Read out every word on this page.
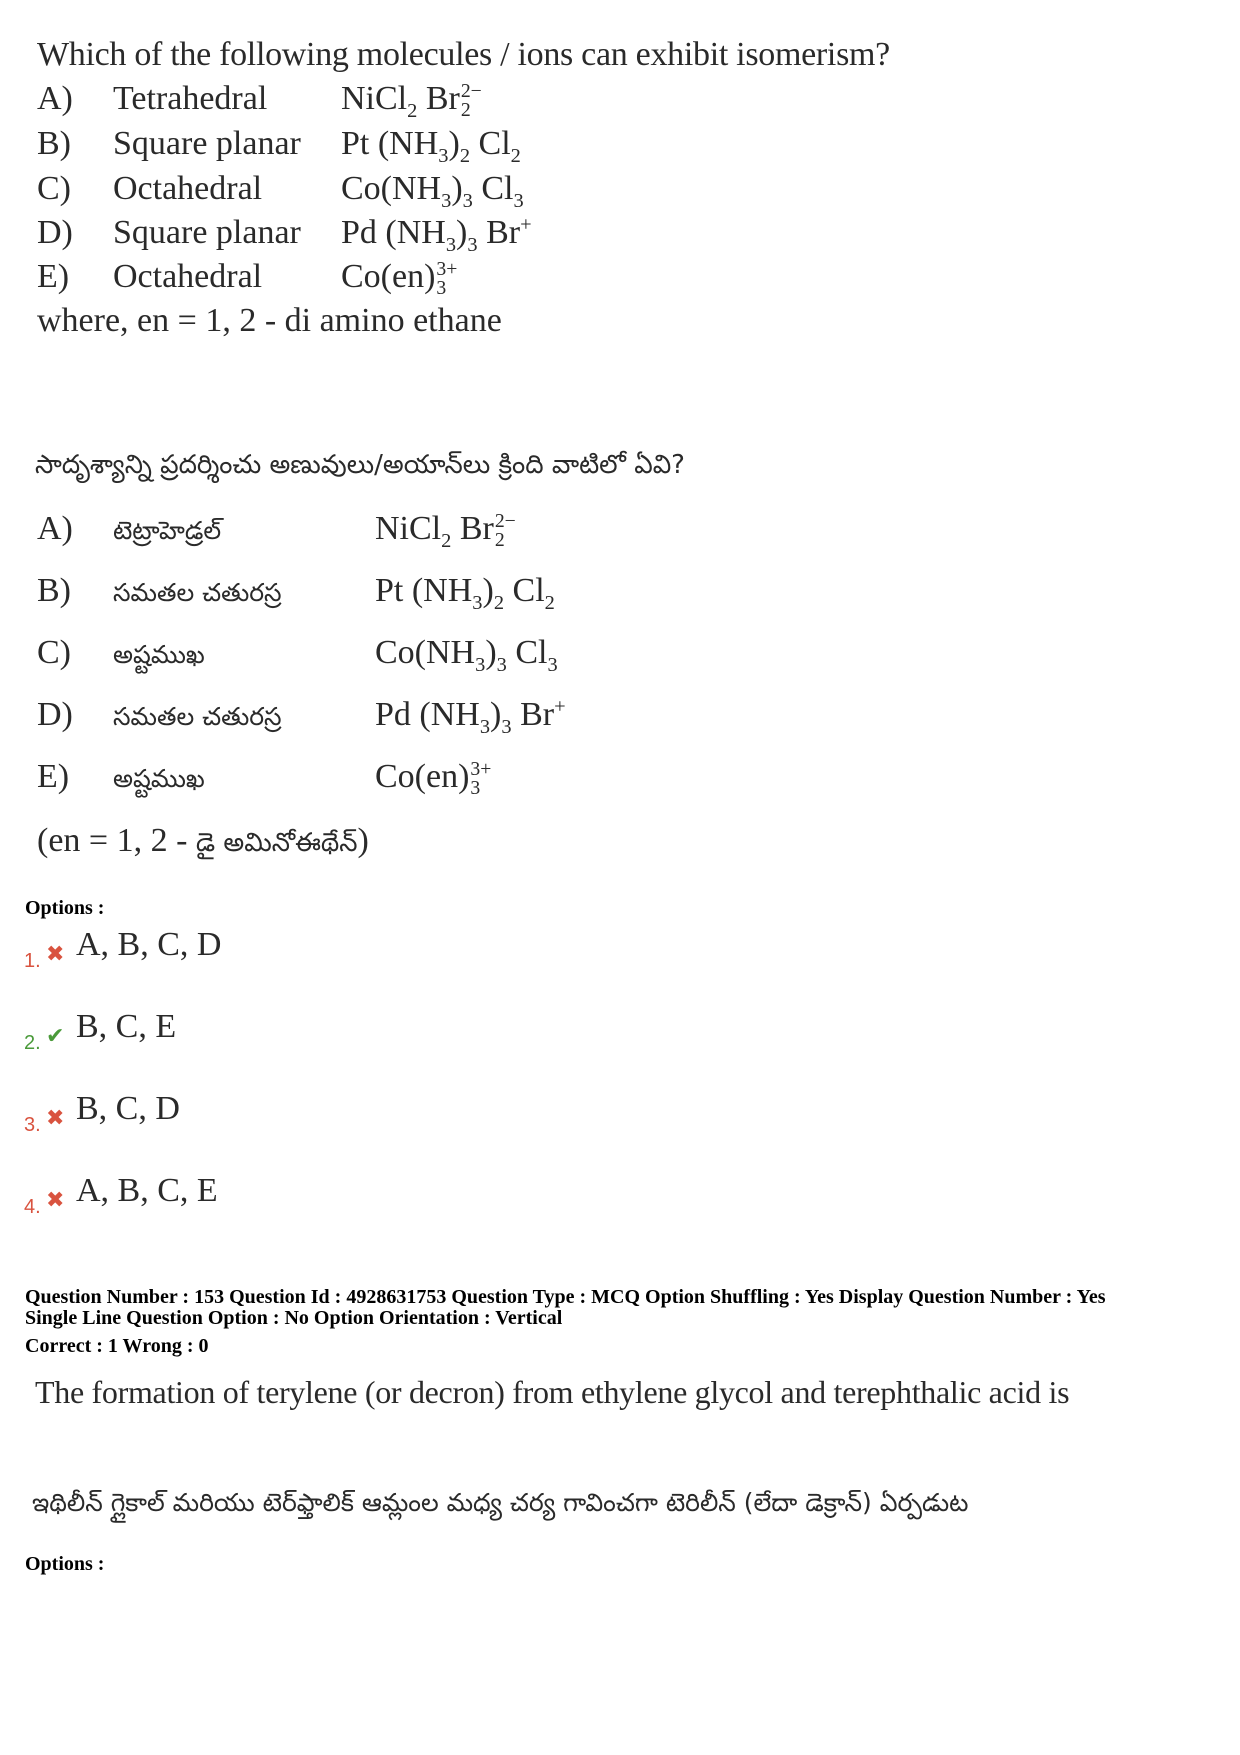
Which of the following molecules / ions can exhibit isomerism?
A) Tetrahedral NiCl$_2$ Br 2−
2
B) Square planar Pt $(NH_3)_2$ $Cl_2$
C) Octahedral $Co(NH_3)_3$ $Cl_3$
D) Square planar Pd $(NH_3)_3$ Br+
E) Octahedral Co(en) 3+
3
where, en = 1, 2 - di amino ethane
సాదృశ్యాన్ని ప్రదర్శించు అణువులు/అయాన్‌లు క్రింది వాటిలో ఏవి?
A) టెట్రాహెడ్రల్	NiCl$_2$ Br 2−
2
B) సమతల చతురస్ర	Pt $(NH_3)_2$ $Cl_2$
C) అష్టముఖ	$Co(NH_3)_3$ $Cl_3$
D) సమతల చతురస్ర	Pd $(NH_3)_3$ Br+
E) అష్టముఖ	Co(en) 3+
3
(en = 1, 2 - డై అమినోఈథేన్)
Options :
1. ✖ A, B, C, D
2. ✔ B, C, E
3. ✖ B, C, D
4. ✖ A, B, C, E
Question Number : 153 Question Id : 4928631753 Question Type : MCQ Option Shuffling : Yes Display Question Number : Yes
Single Line Question Option : No Option Orientation : Vertical
Correct : 1 Wrong : 0
The formation of terylene (or decron) from ethylene glycol and terephthalic acid is
ఇథిలీన్ గ్లైకాల్ మరియు టెర్‌ఫ్తాలిక్ ఆమ్లంల మధ్య చర్య గావించగా టెరిలీన్ (లేదా డెక్రాన్) ఏర్పడుట
Options :
